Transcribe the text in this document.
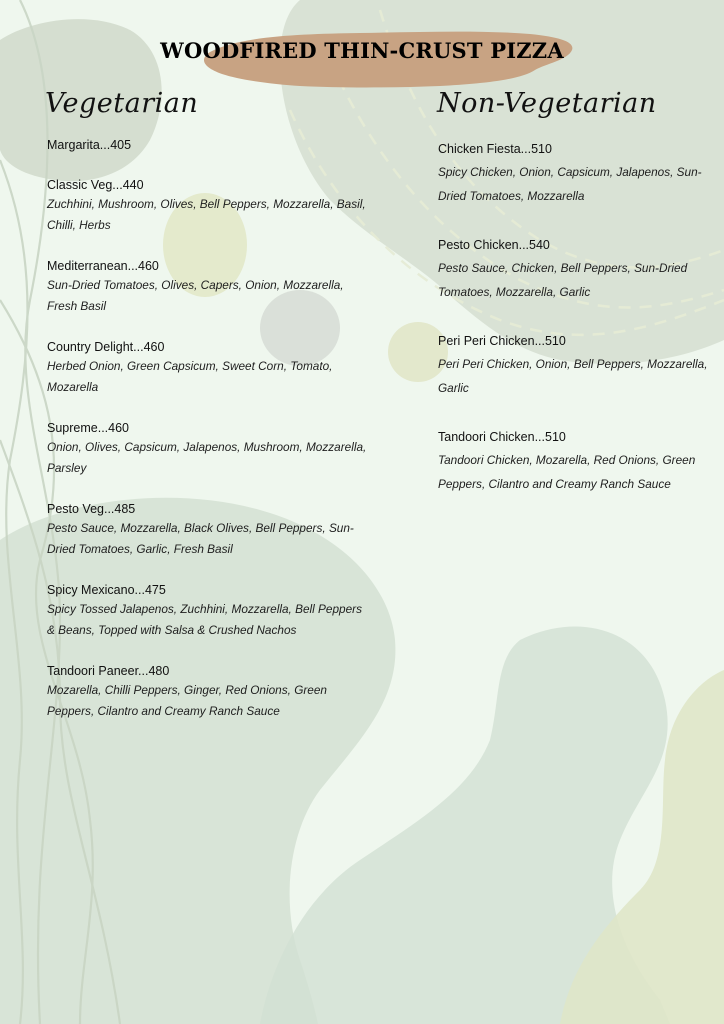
WOODFIRED THIN-CRUST PIZZA
Vegetarian	Non-Vegetarian

Margarita...405

Classic Veg...440

Zuchhini, Mushroom, Olives, Bell Peppers, Mozzarella, Basil, Chilli, Herbs

Mediterranean...460

Sun-Dried Tomatoes, Olives, Capers, Onion, Mozzarella, Fresh Basil

Country Delight...460

Herbed Onion, Green Capsicum, Sweet Corn, Tomato, Mozarella

Supreme...460

Onion, Olives, Capsicum, Jalapenos, Mushroom, Mozzarella, Parsley

Pesto Veg...485

Pesto Sauce, Mozzarella, Black Olives, Bell Peppers, Sun-Dried Tomatoes, Garlic, Fresh Basil

Spicy Mexicano...475

Spicy Tossed Jalapenos, Zuchhini, Mozzarella, Bell Peppers & Beans, Topped with Salsa & Crushed Nachos

Tandoori Paneer...480

Mozarella, Chilli Peppers, Ginger, Red Onions, Green Peppers, Cilantro and Creamy Ranch Sauce

Chicken Fiesta...510

Spicy Chicken, Onion, Capsicum, Jalapenos, Sun-Dried Tomatoes, Mozzarella

Pesto Chicken...540

Pesto Sauce, Chicken, Bell Peppers, Sun-Dried Tomatoes, Mozzarella, Garlic

Peri Peri Chicken...510

Peri Peri Chicken, Onion, Bell Peppers, Mozzarella, Garlic

Tandoori Chicken...510

Tandoori Chicken, Mozarella, Red Onions, Green Peppers, Cilantro and Creamy Ranch Sauce
